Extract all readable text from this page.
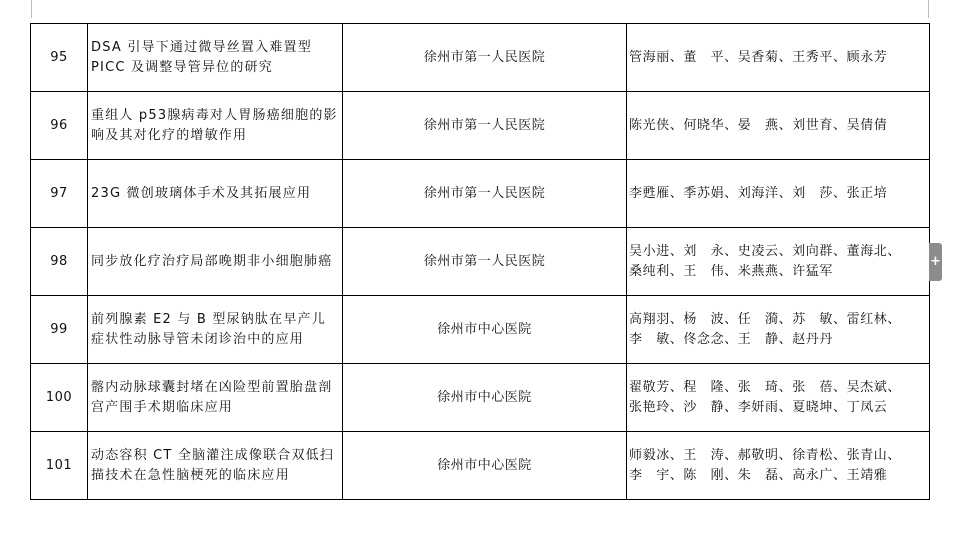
95	DSA 引导下通过微导丝置入难置型PICC 及调整导管异位的研究	徐州市第一人民医院	管海丽、董　平、吴香菊、王秀平、顾永芳

96	重组人 p53腺病毒对人胃肠癌细胞的影响及其对化疗的增敏作用	徐州市第一人民医院	陈光侠、何晓华、晏　燕、刘世育、吴倩倩

97	23G 微创玻璃体手术及其拓展应用	徐州市第一人民医院	李甦雁、季苏娟、刘海洋、刘　莎、张正培

98	同步放化疗治疗局部晚期非小细胞肺癌	徐州市第一人民医院	吴小进、刘　永、史凌云、刘向群、董海北、
桑纯利、王　伟、米燕燕、许猛军

99	前列腺素 E2 与 B 型尿钠肽在早产儿症状性动脉导管未闭诊治中的应用	徐州市中心医院	高翔羽、杨　波、任　漪、苏　敏、雷红林、
李　敏、佟念念、王　静、赵丹丹

100	髂内动脉球囊封堵在凶险型前置胎盘剖宫产围手术期临床应用	徐州市中心医院	翟敬芳、程　隆、张　琦、张　蓓、吴杰斌、
张艳玲、沙　静、李妍雨、夏晓坤、丁凤云

101	动态容积 CT 全脑灌注成像联合双低扫描技术在急性脑梗死的临床应用	徐州市中心医院	师毅冰、王　涛、郝敬明、徐青松、张青山、
李　宇、陈　刚、朱　磊、高永广、王靖雅
+
